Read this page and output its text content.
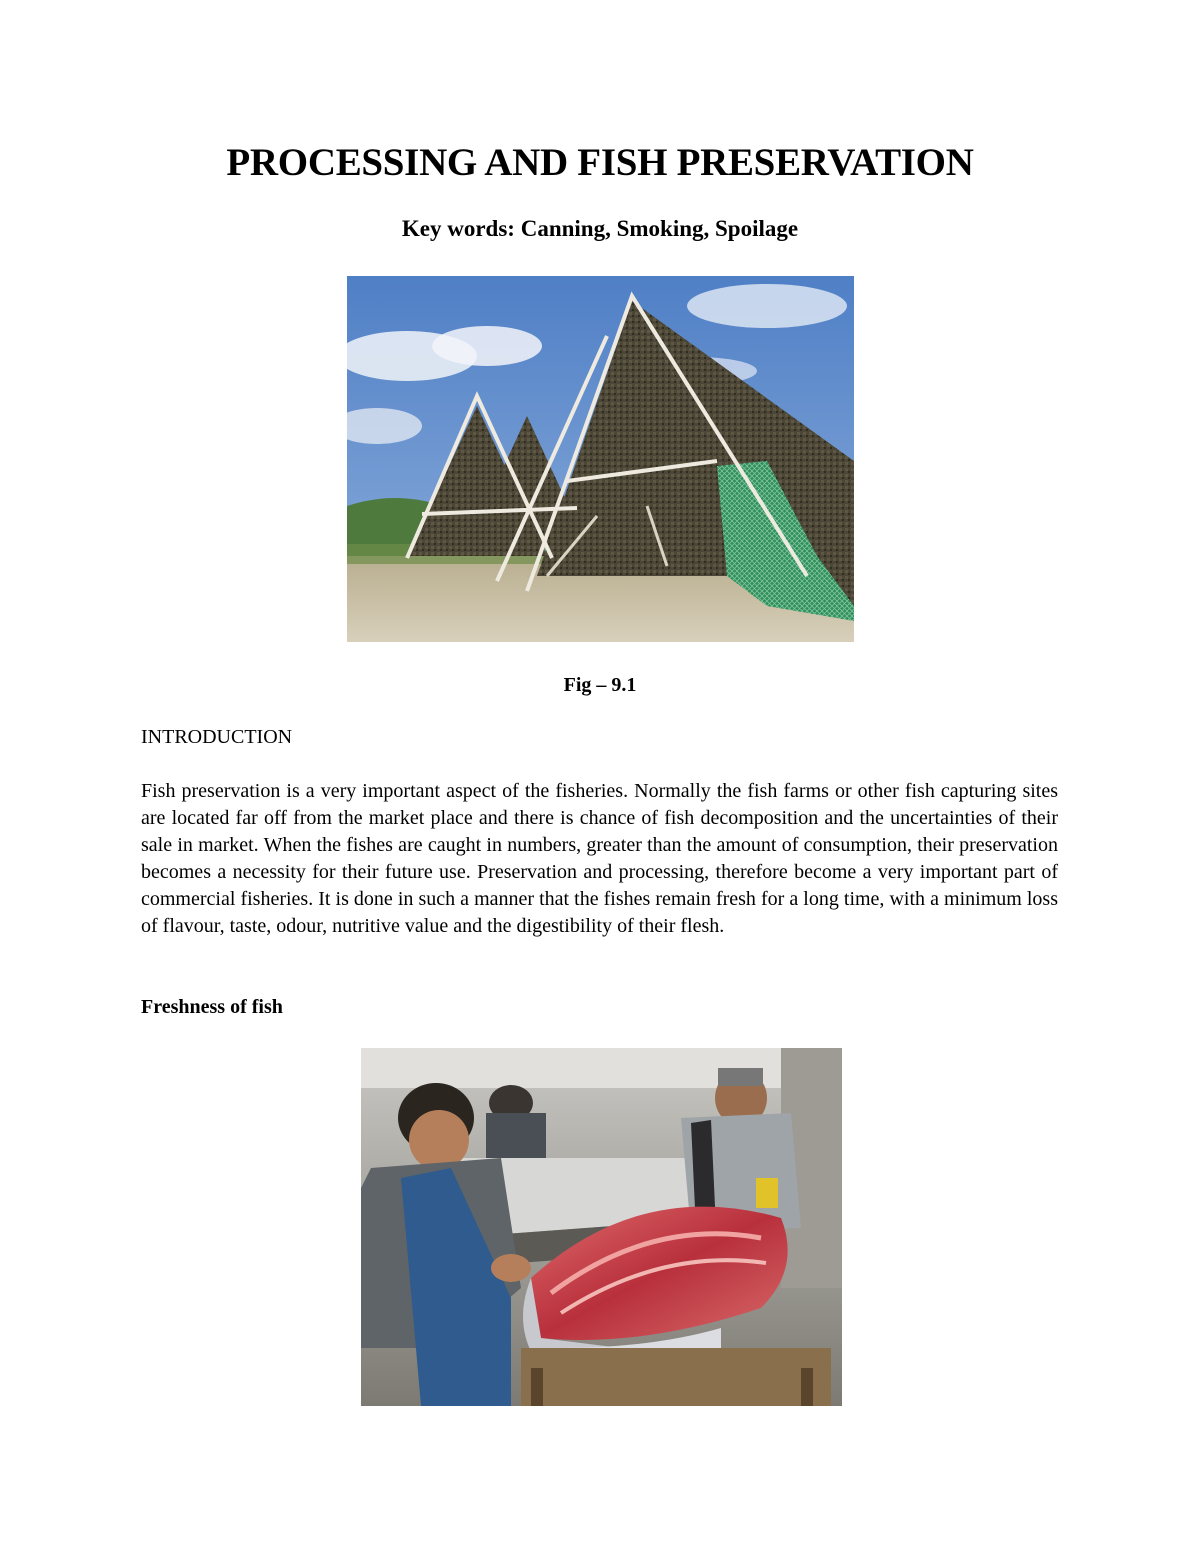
PROCESSING AND FISH PRESERVATION

Key words: Canning, Smoking, Spoilage

Fig – 9.1

INTRODUCTION

Fish preservation is a very important aspect of the fisheries. Normally the fish farms or other fish capturing sites are located far off from the market place and there is chance of fish decomposition and the uncertainties of their sale in market. When the fishes are caught in numbers, greater than the amount of consumption, their preservation becomes a necessity for their future use. Preservation and processing, therefore become a very important part of commercial fisheries. It is done in such a manner that the fishes remain fresh for a long time, with a minimum loss of flavour, taste, odour, nutritive value and the digestibility of their flesh.

Freshness of fish
